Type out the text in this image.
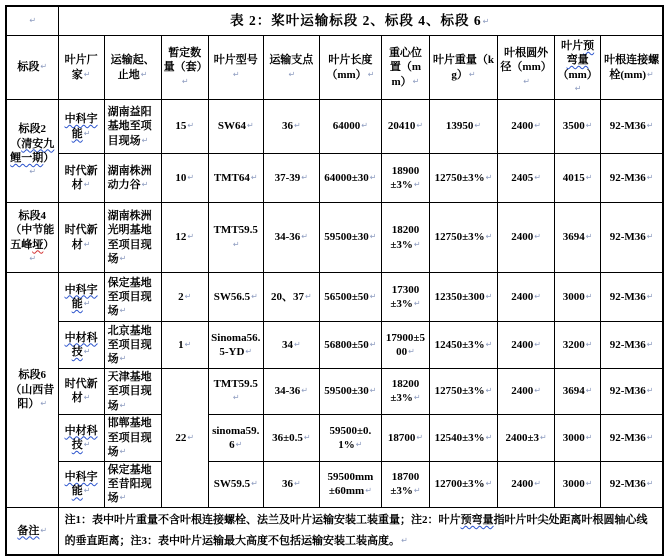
↵	表 2：桨叶运输标段 2、标段 4、标段 6↵										
标段↵	叶片厂家↵	运输起、止地↵	暂定数量（套）↵	叶片型号↵	运输支点↵	叶片长度（mm）↵	重心位置（mm）↵	叶片重量（kg）↵	叶根圆外径（mm）↵	叶片预弯量（mm）↵	叶根连接螺栓(mm)↵
标段2（清安九鲤一期）↵	中科宇能↵	湖南益阳基地至项目现场↵	15↵	SW64↵	36↵	64000↵	20410↵	13950↵	2400↵	3500↵	92-M36↵
	时代新材↵	湖南株洲动力谷↵	10↵	TMT64↵	37-39↵	64000±30↵	18900±3%↵	12750±3%↵	2405↵	4015↵	92-M36↵
标段4（中节能五峰垭）↵	时代新材↵	湖南株洲光明基地至项目现场↵	12↵	TMT59.5↵	34-36↵	59500±30↵	18200±3%↵	12750±3%↵	2400↵	3694↵	92-M36↵
标段6（山西昔阳）↵	中科宇能↵	保定基地至项目现场↵	2↵	SW56.5↵	20、37↵	56500±50↵	17300±3%↵	12350±300↵	2400↵	3000↵	92-M36↵
	中材科技↵	北京基地至项目现场↵	1↵	Sinoma56.5-YD↵	34↵	56800±50↵	17900±500↵	12450±3%↵	2400↵	3200↵	92-M36↵
	时代新材↵	天津基地至项目现场↵	22↵	TMT59.5↵	34-36↵	59500±30↵	18200±3%↵	12750±3%↵	2400↵	3694↵	92-M36↵
	中材科技↵	邯郸基地至项目现场↵		sinoma59.6↵	36±0.5↵	59500±0.1%↵	18700↵	12540±3%↵	2400±3↵	3000↵	92-M36↵
	中科宇能↵	保定基地至昔阳现场↵		SW59.5↵	36↵	59500mm±60mm↵	18700±3%↵	12700±3%↵	2400↵	3000↵	92-M36↵
备注↵	注1：表中叶片重量不含叶根连接螺栓、法兰及叶片运输安装工装重量；注2：叶片预弯量指叶片叶尖处距离叶根圆轴心线的垂直距离；注3：表中叶片运输最大高度不包括运输安装工装高度。↵										
